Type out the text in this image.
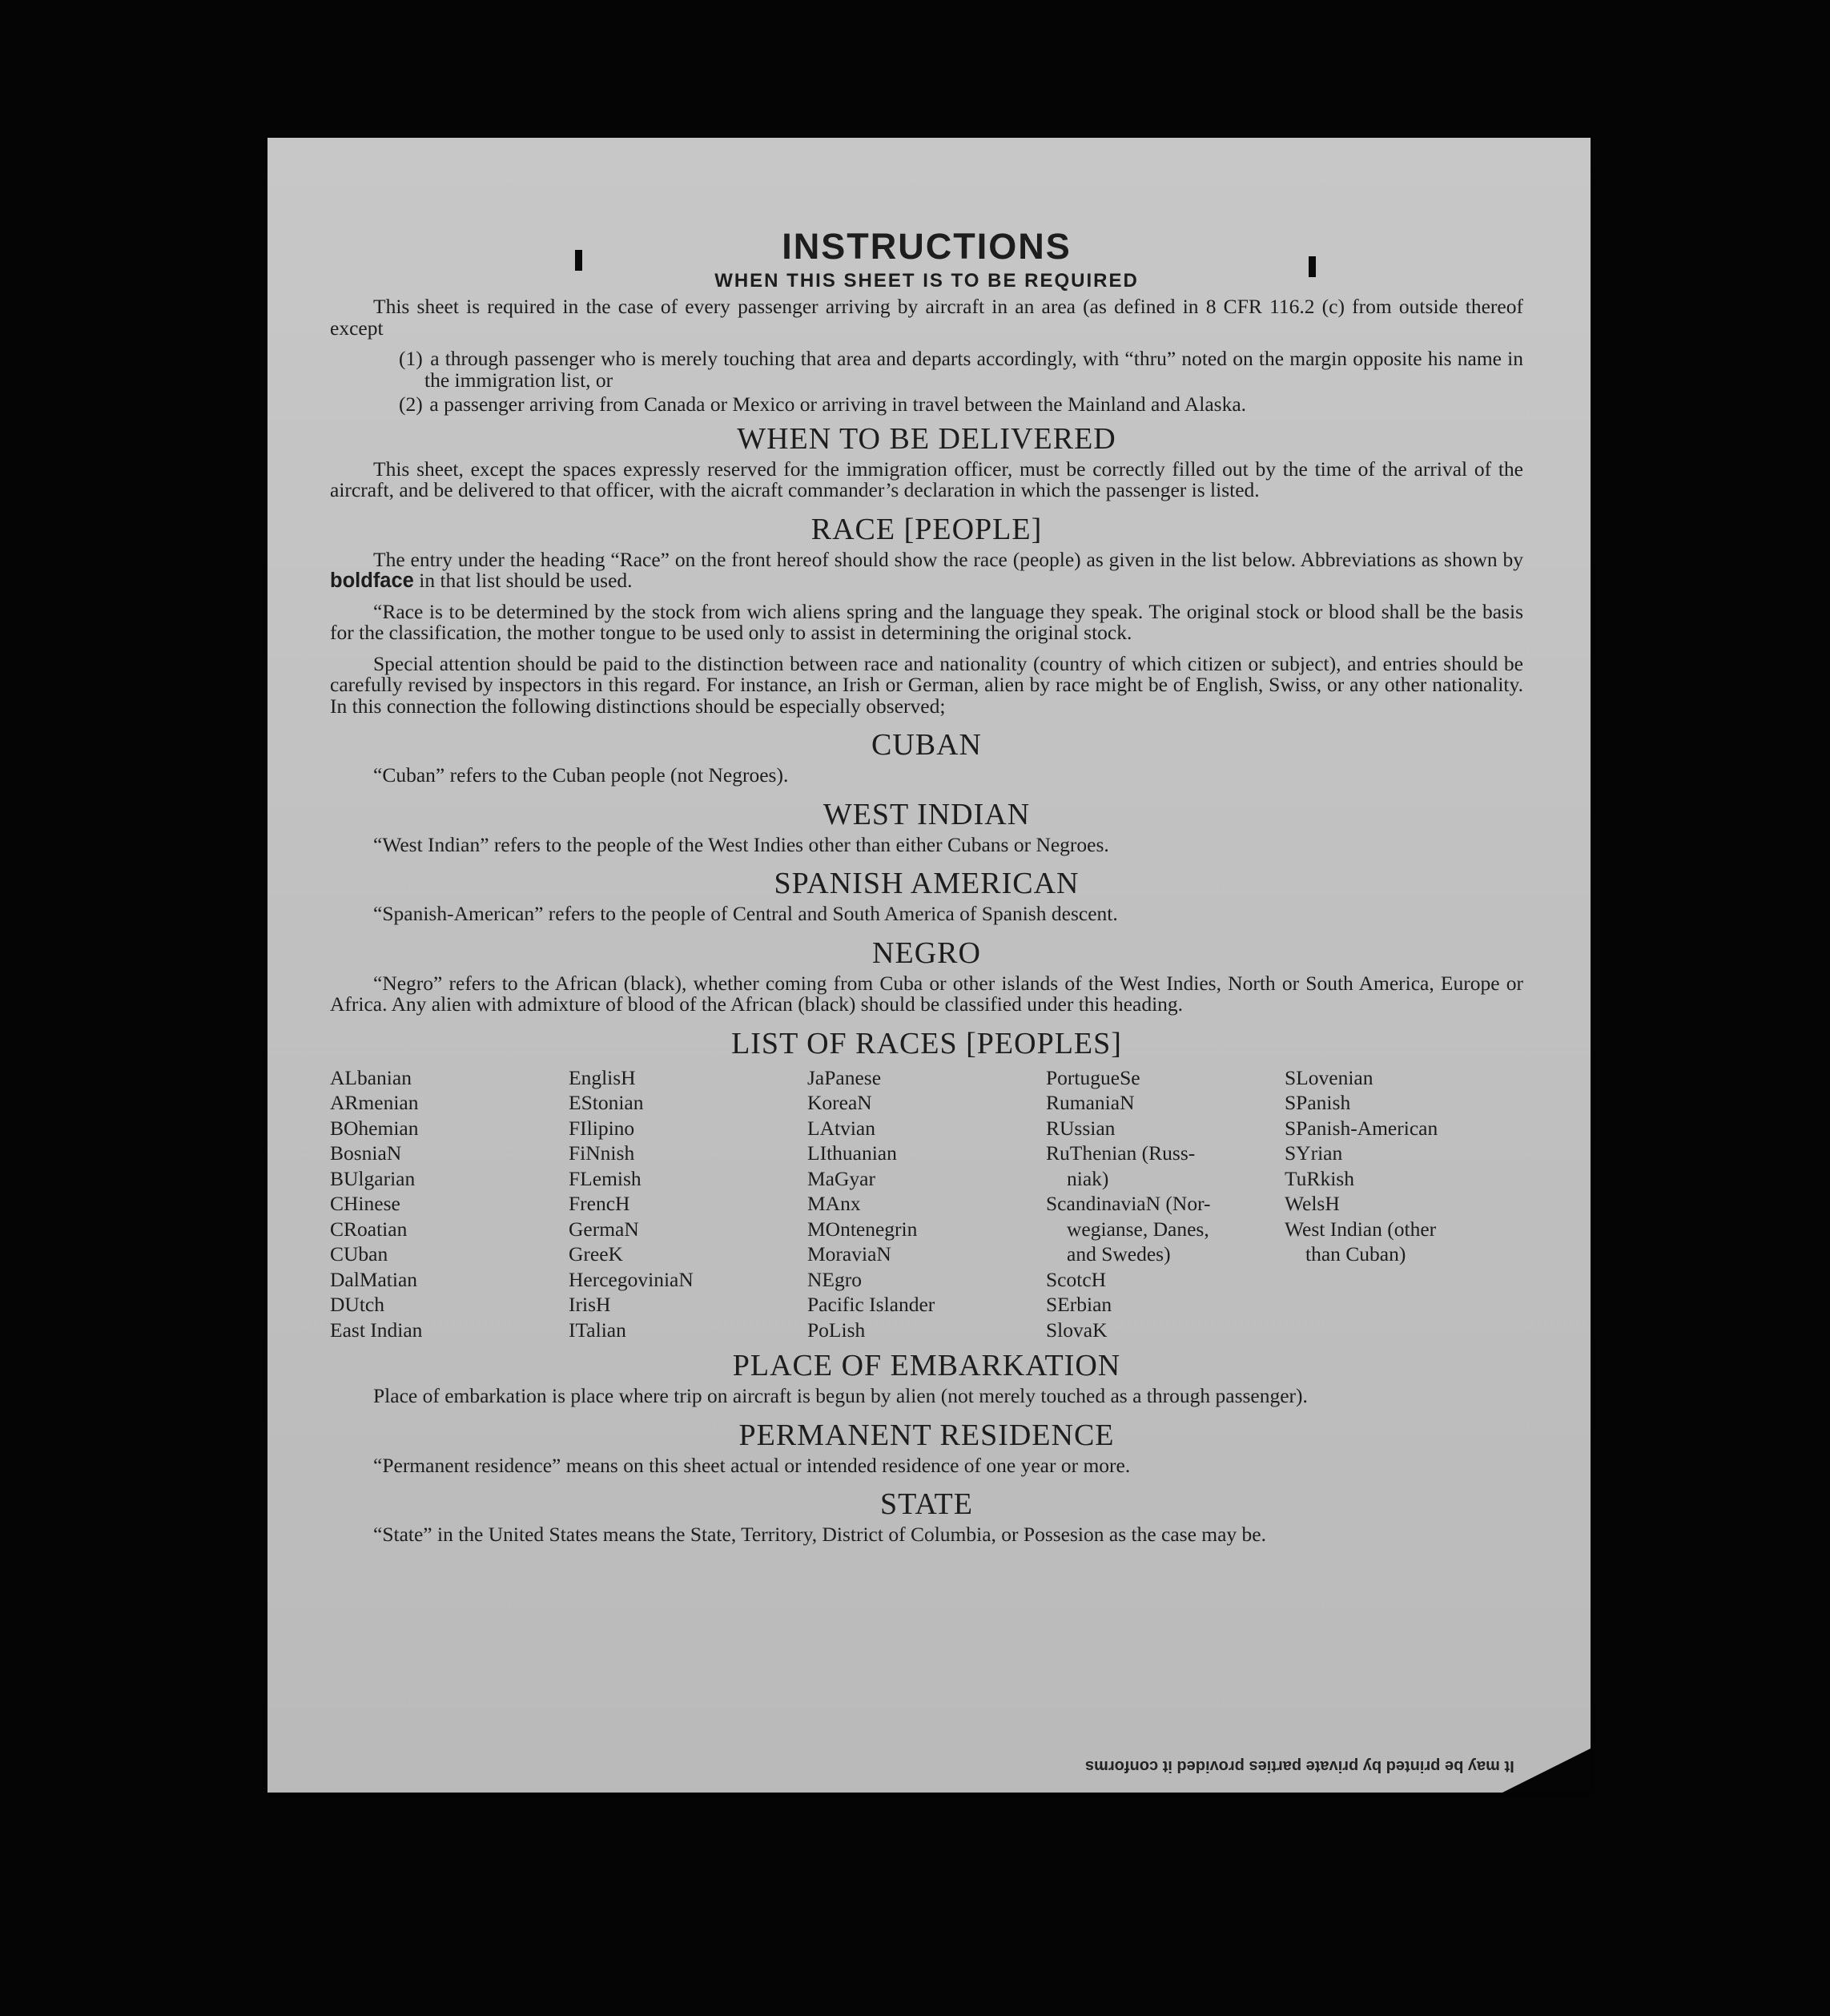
INSTRUCTIONS
WHEN THIS SHEET IS TO BE REQUIRED

This sheet is required in the case of every passenger arriving by aircraft in an area (as defined in 8 CFR 116.2 (c) from outside thereof except

(1) a through passenger who is merely touching that area and departs accordingly, with “thru” noted on the margin opposite his name in the immigration list, or
(2) a passenger arriving from Canada or Mexico or arriving in travel between the Mainland and Alaska.
WHEN TO BE DELIVERED

This sheet, except the spaces expressly reserved for the immigration officer, must be correctly filled out by the time of the arrival of the aircraft, and be delivered to that officer, with the aicraft commander’s declaration in which the passenger is listed.

RACE [PEOPLE]

The entry under the heading “Race” on the front hereof should show the race (people) as given in the list below. Abbreviations as shown by boldface in that list should be used.

“Race is to be determined by the stock from wich aliens spring and the language they speak. The original stock or blood shall be the basis for the classification, the mother tongue to be used only to assist in determining the original stock.

Special attention should be paid to the distinction between race and nationality (country of which citizen or subject), and entries should be carefully revised by inspectors in this regard. For instance, an Irish or German, alien by race might be of English, Swiss, or any other nationality. In this connection the following distinctions should be especially observed;

CUBAN

“Cuban” refers to the Cuban people (not Negroes).

WEST INDIAN

“West Indian” refers to the people of the West Indies other than either Cubans or Negroes.

SPANISH AMERICAN

“Spanish-American” refers to the people of Central and South America of Spanish descent.

NEGRO

“Negro” refers to the African (black), whether coming from Cuba or other islands of the West Indies, North or South America, Europe or Africa. Any alien with admixture of blood of the African (black) should be classified under this heading.

LIST OF RACES [PEOPLES]
ALbanian	EnglisH	JaPanese	PortugueSe	SLovenian
ARmenian	EStonian	KoreaN	RumaniaN	SPanish
BOhemian	FIlipino	LAtvian	RUssian	SPanish-American
BosniaN	FiNnish	LIthuanian	RuThenian (Russ-	SYrian
BUlgarian	FLemish	MaGyar	niak)	TuRkish
CHinese	FrencH	MAnx	ScandinaviaN (Nor-	WelsH
CRoatian	GermaN	MOntenegrin	wegianse, Danes,	West Indian (other
CUban	GreeK	MoraviaN	and Swedes)	than Cuban)
DalMatian	HercegoviniaN	NEgro	ScotcH
DUtch	IrisH	Pacific Islander	SErbian
East Indian	ITalian	PoLish	SlovaK
PLACE OF EMBARKATION

Place of embarkation is place where trip on aircraft is begun by alien (not merely touched as a through passenger).

PERMANENT RESIDENCE

“Permanent residence” means on this sheet actual or intended residence of one year or more.

STATE

“State” in the United States means the State, Territory, District of Columbia, or Possesion as the case may be.

It may be printed by private parties provided it conforms
